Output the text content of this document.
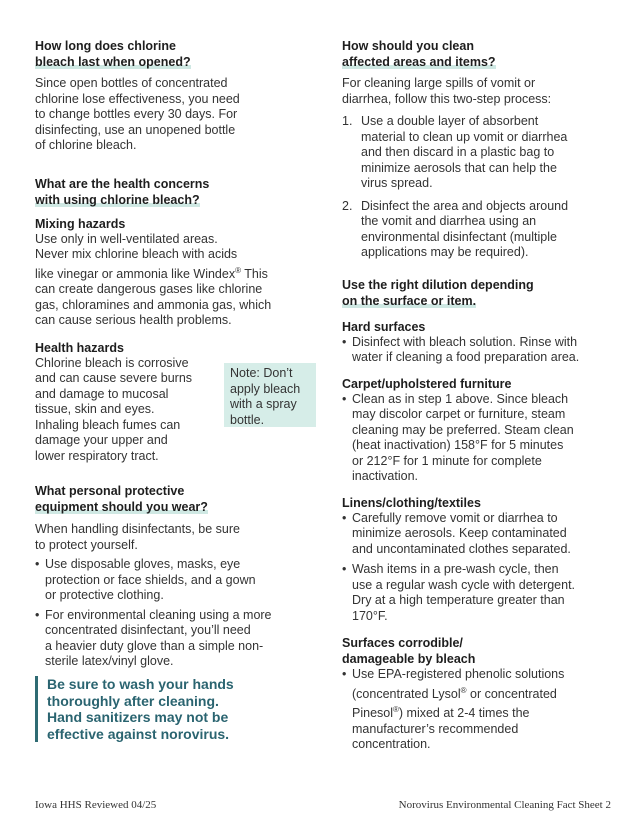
How long does chlorine
bleach last when opened?

Since open bottles of concentrated
chlorine lose effectiveness, you need
to change bottles every 30 days. For
disinfecting, use an unopened bottle
of chlorine bleach.

What are the health concerns
with using chlorine bleach?
Mixing hazards

Use only in well-ventilated areas.
Never mix chlorine bleach with acids
like vinegar or ammonia like Windex® This
can create dangerous gases like chlorine
gas, chloramines and ammonia gas, which
can cause serious health problems.

Health hazards

Chlorine bleach is corrosive
and can cause severe burns
and damage to mucosal
tissue, skin and eyes.
Inhaling bleach fumes can
damage your upper and
lower respiratory tract.

What personal protective
equipment should you wear?

When handling disinfectants, be sure
to protect yourself.

• Use disposable gloves, masks, eye
protection or face shields, and a gown
or protective clothing.
• For environmental cleaning using a more
concentrated disinfectant, you’ll need
a heavier duty glove than a simple non-
sterile latex/vinyl glove.
Note: Don’t
apply bleach
with a spray
bottle.

Be sure to wash your hands
thoroughly after cleaning.
Hand sanitizers may not be
effective against norovirus.

How should you clean
affected areas and items?

For cleaning large spills of vomit or
diarrhea, follow this two-step process:

1. Use a double layer of absorbent
material to clean up vomit or diarrhea
and then discard in a plastic bag to
minimize aerosols that can help the
virus spread.
2. Disinfect the area and objects around
the vomit and diarrhea using an
environmental disinfectant (multiple
applications may be required).
Use the right dilution depending
on the surface or item.
Hard surfaces
• Disinfect with bleach solution. Rinse with
water if cleaning a food preparation area.
Carpet/upholstered furniture
• Clean as in step 1 above. Since bleach
may discolor carpet or furniture, steam
cleaning may be preferred. Steam clean
(heat inactivation) 158°F for 5 minutes
or 212°F for 1 minute for complete
inactivation.
Linens/clothing/textiles
• Carefully remove vomit or diarrhea to
minimize aerosols. Keep contaminated
and uncontaminated clothes separated.
• Wash items in a pre-wash cycle, then
use a regular wash cycle with detergent.
Dry at a high temperature greater than
170°F.
Surfaces corrodible/
damageable by bleach
• Use EPA-registered phenolic solutions
(concentrated Lysol® or concentrated
Pinesol®) mixed at 2-4 times the
manufacturer’s recommended
concentration.
Iowa HHS Reviewed 04/25	Norovirus Environmental Cleaning Fact Sheet 2
